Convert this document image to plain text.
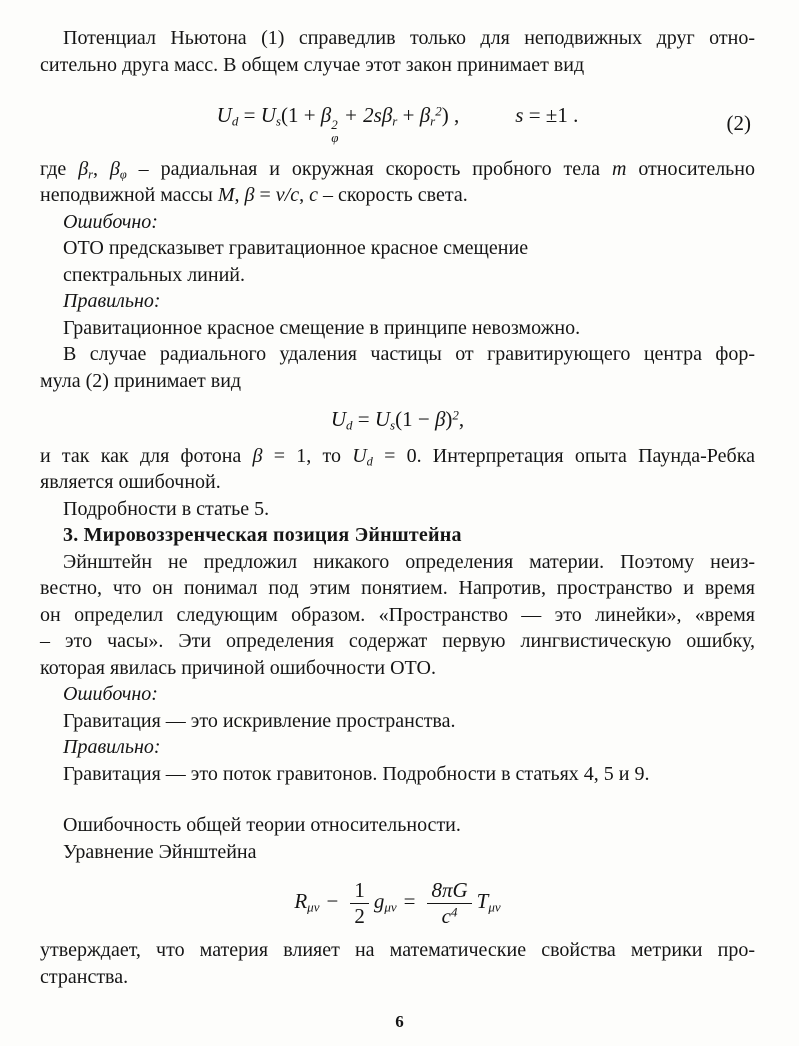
Потенциал Ньютона (1) справедлив только для неподвижных друг отно-
сительно друга масс. В общем случае этот закон принимает вид
$U_d = U_s(1 + \beta$ 2
φ
+ $2s\beta_r + \beta_r^2$) ,	s = ±1 .	(2)
где $\beta_r$, $\beta_\varphi$ – радиальная и окружная скорость пробного тела m относительно
неподвижной массы M, β = v/c, c – скорость света.
Ошибочно:
ОТО предсказывет гравитационное красное смещение
спектральных линий.
Правильно:
Гравитационное красное смещение в принципе невозможно.
В случае радиального удаления частицы от гравитирующего центра фор-
мула (2) принимает вид
$U_d = U_s(1 - \beta)^2$,
и так как для фотона β = 1, то $U_d = 0$. Интерпретация опыта Паунда-Ребка
является ошибочной.
Подробности в статье 5.
3. Мировоззренческая позиция Эйнштейна
Эйнштейн не предложил никакого определения материи. Поэтому неиз-
вестно, что он понимал под этим понятием. Напротив, пространство и время
он определил следующим образом. «Пространство — это линейки», «время
– это часы». Эти определения содержат первую лингвистическую ошибку,
которая явилась причиной ошибочности ОТО.
Ошибочно:
Гравитация — это искривление пространства.
Правильно:
Гравитация — это поток гравитонов. Подробности в статьях 4, 5 и 9.
Ошибочность общей теории относительности.
Уравнение Эйнштейна
$R_{\mu\nu} - \frac{1}{2} g_{\mu\nu} = \frac{8\pi G}{c^4} T_{\mu\nu}$
утверждает, что материя влияет на математические свойства метрики про-
странства.
6
